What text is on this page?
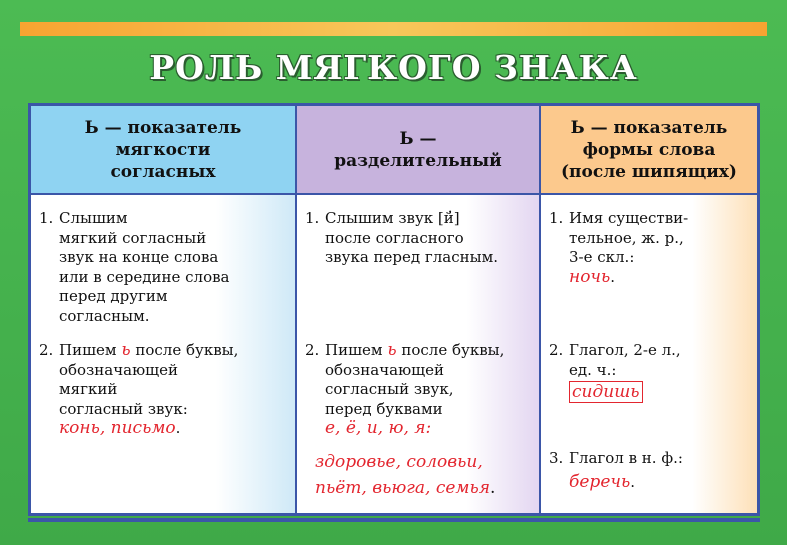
РОЛЬ МЯГКОГО ЗНАКА
Ь — показатель
мягкости
согласных
1. Слышим
мягкий согласный
звук на конце слова
или в середине слова
перед другим
согласным.
2. Пишем ь после буквы,
обозначающей
мягкий
согласный звук:
конь, письмо.
Ь —
разделительный
1. Слышим звук [й̓]
после согласного
звука перед гласным.
2. Пишем ь после буквы,
обозначающей
согласный звук,
перед буквами
е, ё, и, ю, я:
здоровье, соловьи,
пьёт, вьюга, семья.
Ь — показатель
формы слова
(после шипящих)
1. Имя существи-
тельное, ж. р.,
3-е скл.:
ночь.
2. Глагол, 2-е л.,
ед. ч.:
сидишь
3. Глагол в н. ф.:
беречь.
